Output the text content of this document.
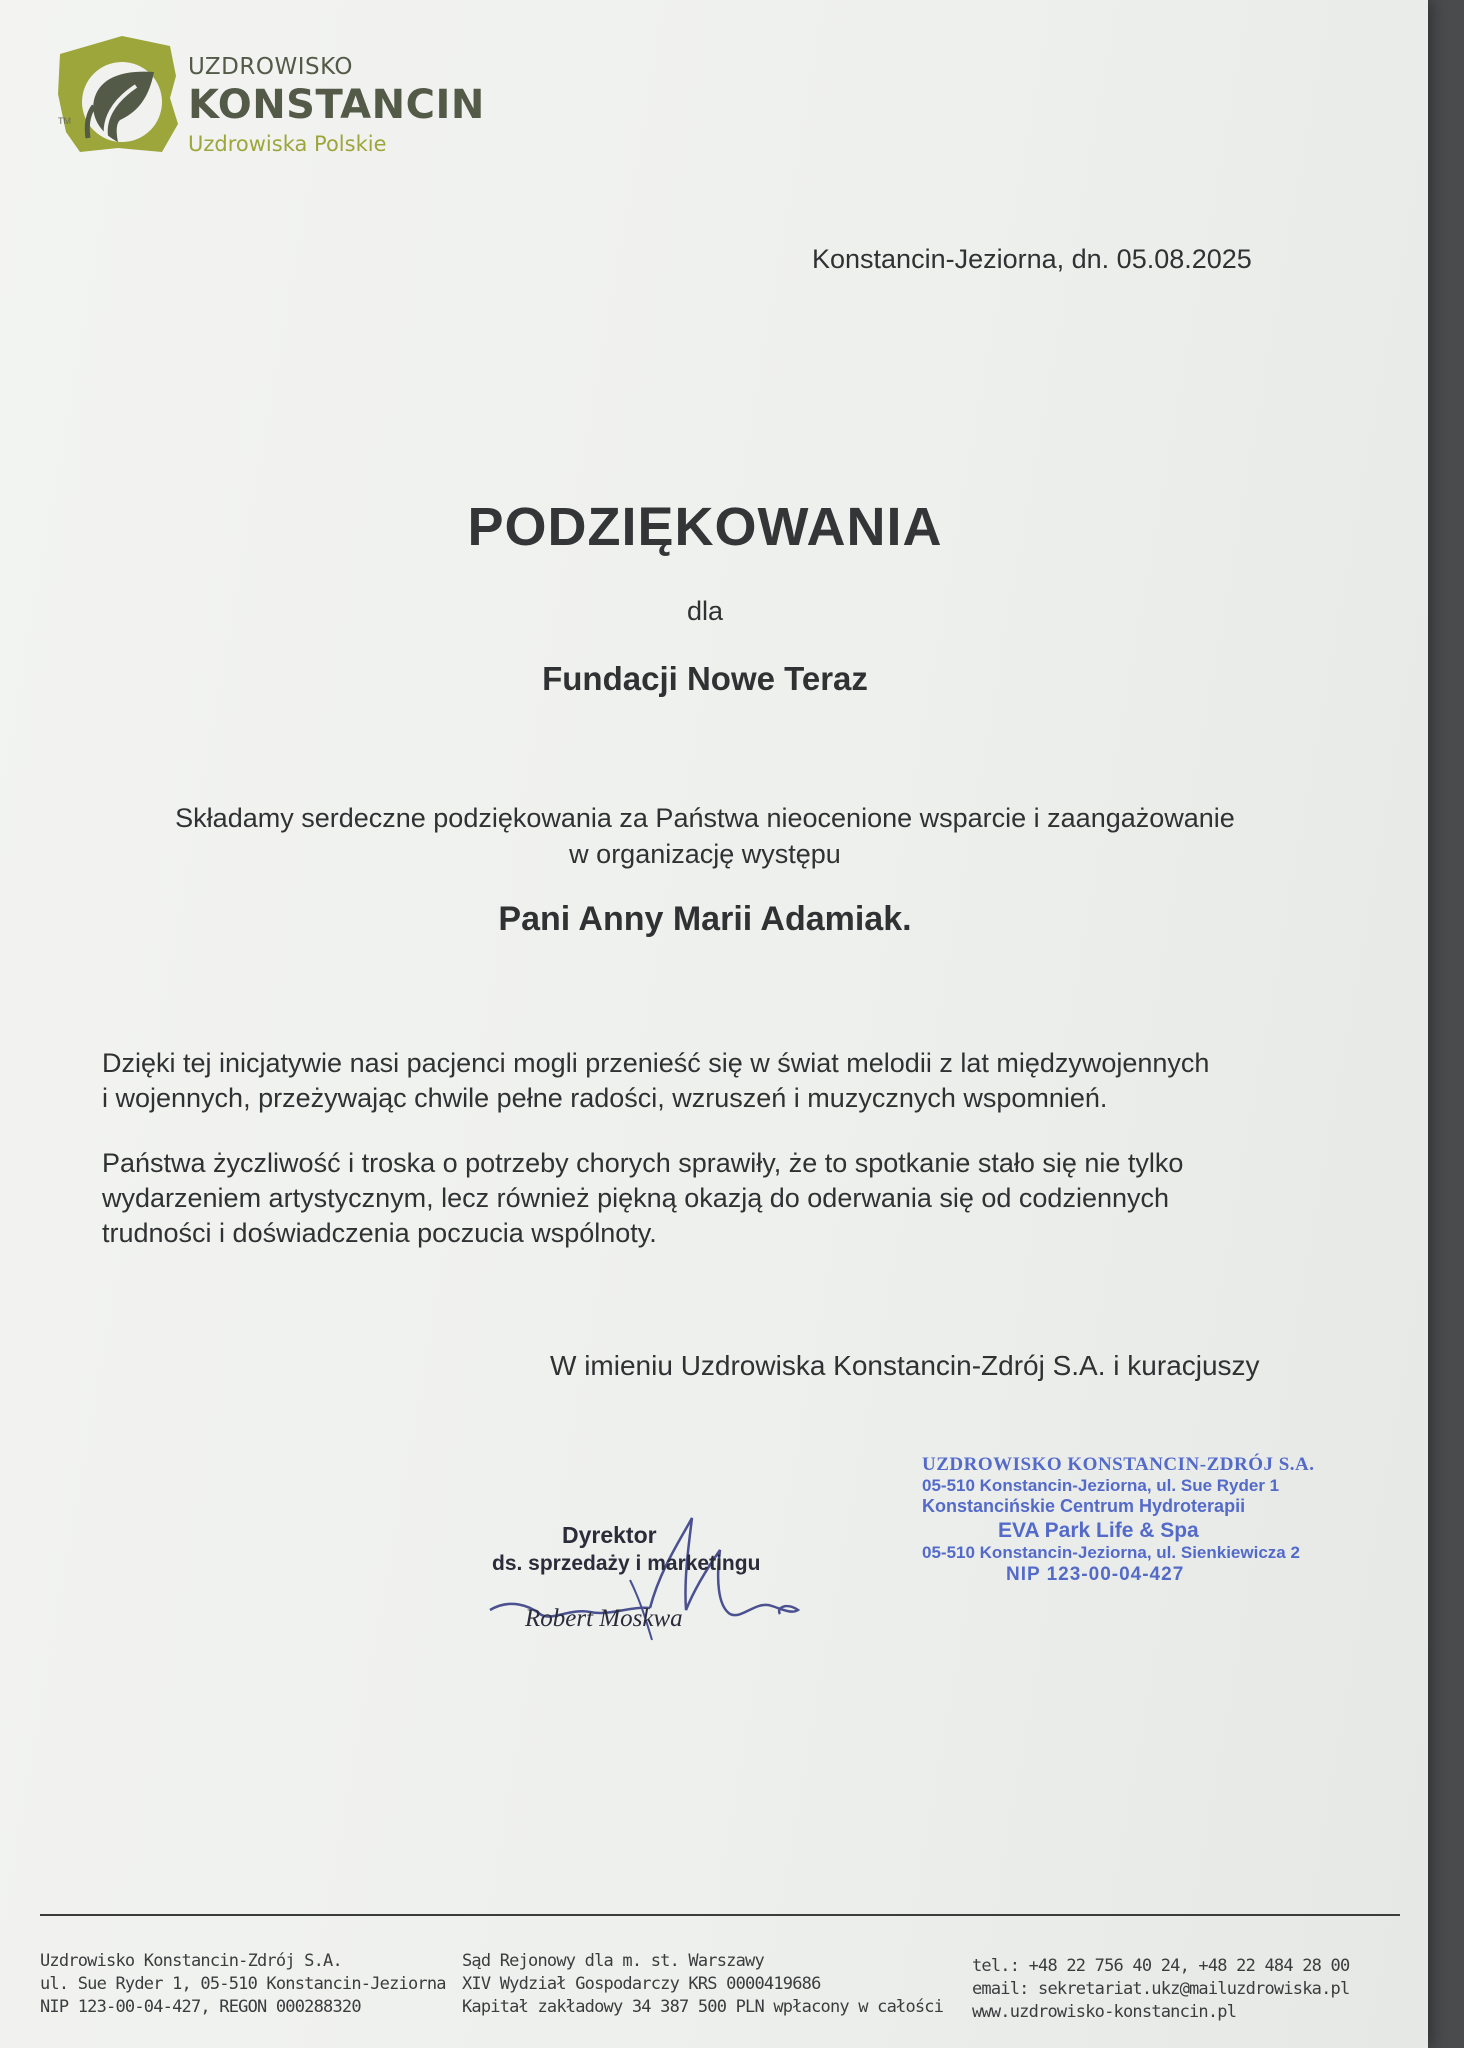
TM
UZDROWISKO
KONSTANCIN
Uzdrowiska Polskie
Konstancin-Jeziorna, dn. 05.08.2025
PODZIĘKOWANIA
dla
Fundacji Nowe Teraz
Składamy serdeczne podziękowania za Państwa nieocenione wsparcie i zaangażowanie
w organizację występu
Pani Anny Marii Adamiak.
Dzięki tej inicjatywie nasi pacjenci mogli przenieść się w świat melodii z lat międzywojennych
i wojennych, przeżywając chwile pełne radości, wzruszeń i muzycznych wspomnień.
Państwa życzliwość i troska o potrzeby chorych sprawiły, że to spotkanie stało się nie tylko
wydarzeniem artystycznym, lecz również piękną okazją do oderwania się od codziennych
trudności i doświadczenia poczucia wspólnoty.
W imieniu Uzdrowiska Konstancin-Zdrój S.A. i kuracjuszy
Dyrektor
ds. sprzedaży i marketingu
Robert Moskwa
UZDROWISKO KONSTANCIN-ZDRÓJ S.A.
05-510 Konstancin-Jeziorna, ul. Sue Ryder 1
Konstancińskie Centrum Hydroterapii
EVA Park Life & Spa
05-510 Konstancin-Jeziorna, ul. Sienkiewicza 2
NIP 123-00-04-427
Uzdrowisko Konstancin-Zdrój S.A.
ul. Sue Ryder 1, 05-510 Konstancin-Jeziorna
NIP 123-00-04-427, REGON 000288320
Sąd Rejonowy dla m. st. Warszawy
XIV Wydział Gospodarczy KRS 0000419686
Kapitał zakładowy 34 387 500 PLN wpłacony w całości
tel.: +48 22 756 40 24, +48 22 484 28 00
email: sekretariat.ukz@mailuzdrowiska.pl
www.uzdrowisko-konstancin.pl
